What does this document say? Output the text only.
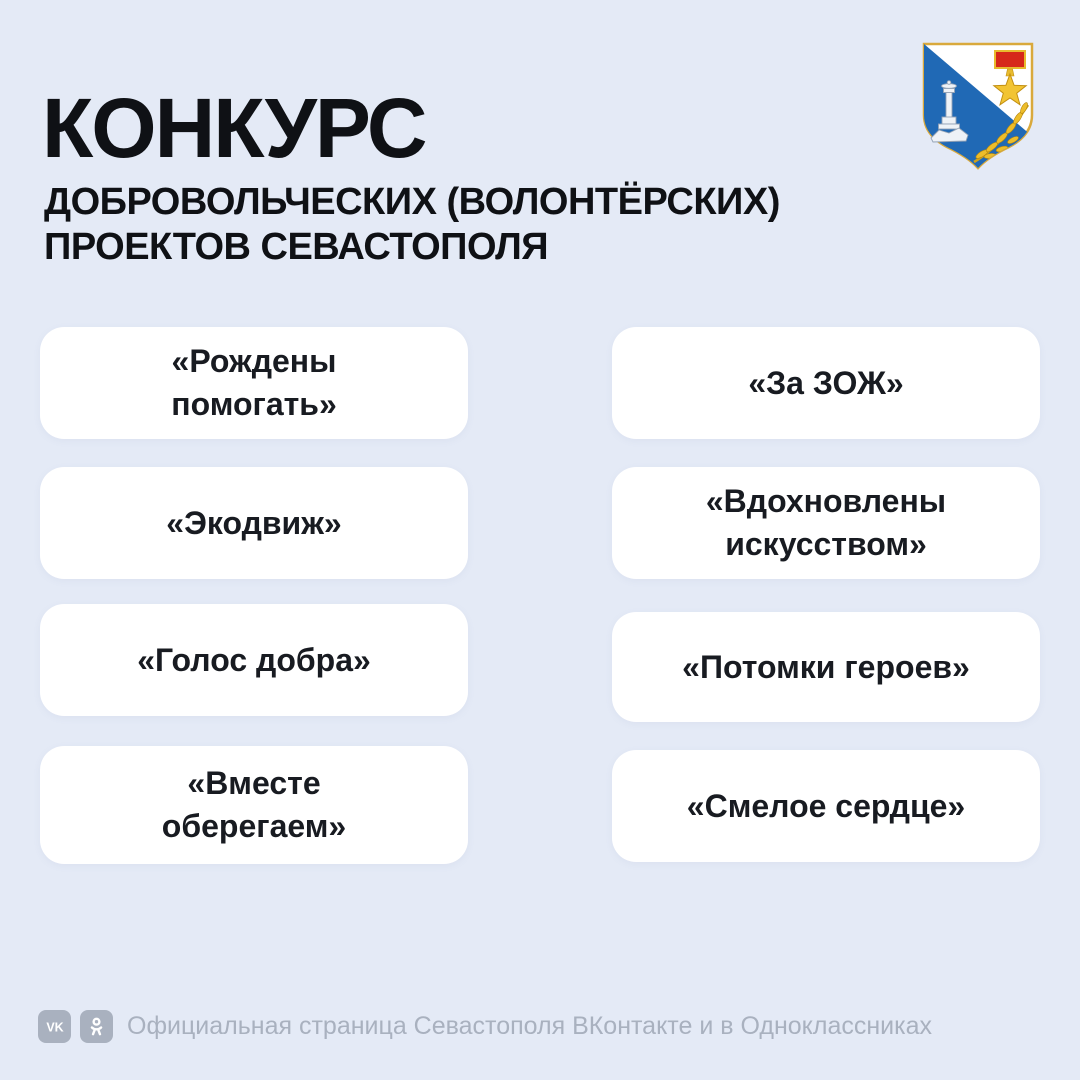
КОНКУРС
ДОБРОВОЛЬЧЕСКИХ (ВОЛОНТЁРСКИХ)
ПРОЕКТОВ СЕВАСТОПОЛЯ
«Рождены
помогать»
«Экодвиж»
«Голос добра»
«Вместе
оберегаем»
«За ЗОЖ»
«Вдохновлены
искусством»
«Потомки героев»
«Смелое сердце»
VK	Официальная страница Севастополя ВКонтакте и в Одноклассниках
